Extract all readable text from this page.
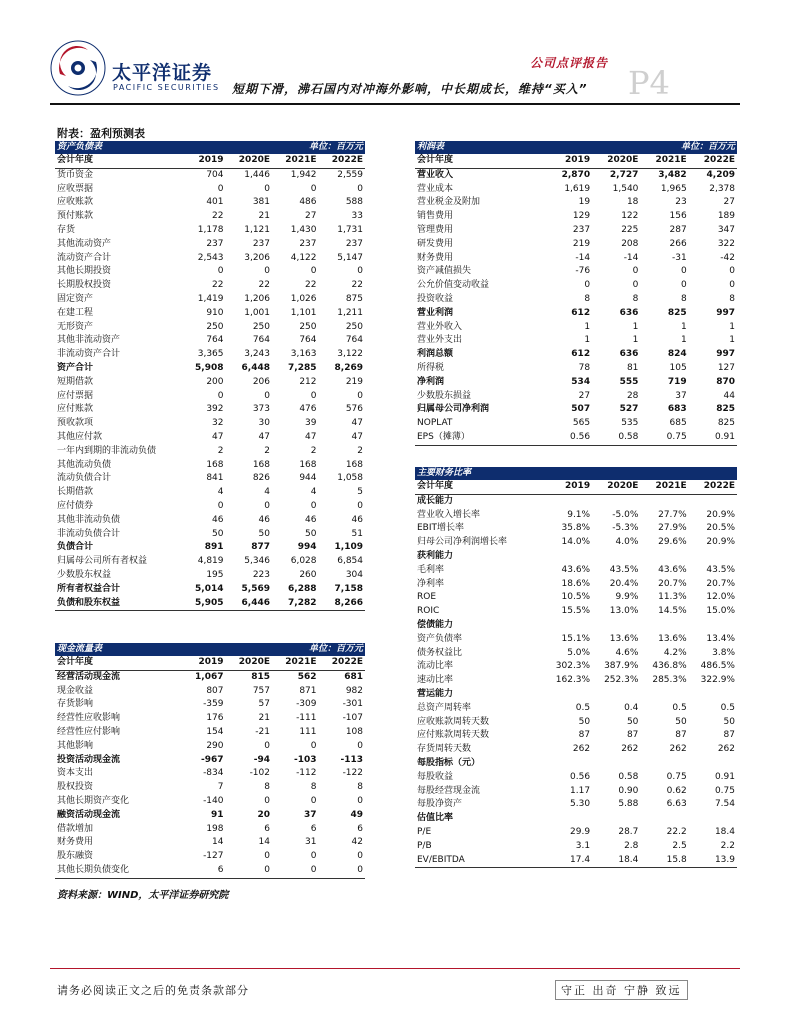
太平洋证券
PACIFIC SECURITIES
公司点评报告
P4
短期下滑，沸石国内对冲海外影响，中长期成长，维持“买入”
附表：盈利预测表
资产负债表			单位：百万元	
会计年度	2019	2020E	2021E	2022E
货币资金	704	1,446	1,942	2,559
应收票据	0	0	0	0
应收账款	401	381	486	588
预付账款	22	21	27	33
存货	1,178	1,121	1,430	1,731
其他流动资产	237	237	237	237
流动资产合计	2,543	3,206	4,122	5,147
其他长期投资	0	0	0	0
长期股权投资	22	22	22	22
固定资产	1,419	1,206	1,026	875
在建工程	910	1,001	1,101	1,211
无形资产	250	250	250	250
其他非流动资产	764	764	764	764
非流动资产合计	3,365	3,243	3,163	3,122
资产合计	5,908	6,448	7,285	8,269
短期借款	200	206	212	219
应付票据	0	0	0	0
应付账款	392	373	476	576
预收款项	32	30	39	47
其他应付款	47	47	47	47
一年内到期的非流动负债	2	2	2	2
其他流动负债	168	168	168	168
流动负债合计	841	826	944	1,058
长期借款	4	4	4	5
应付债券	0	0	0	0
其他非流动负债	46	46	46	46
非流动负债合计	50	50	50	51
负债合计	891	877	994	1,109
归属母公司所有者权益	4,819	5,346	6,028	6,854
少数股东权益	195	223	260	304
所有者权益合计	5,014	5,569	6,288	7,158
负债和股东权益	5,905	6,446	7,282	8,266
现金流量表			单位：百万元	
会计年度	2019	2020E	2021E	2022E
经营活动现金流	1,067	815	562	681
现金收益	807	757	871	982
存货影响	-359	57	-309	-301
经营性应收影响	176	21	-111	-107
经营性应付影响	154	-21	111	108
其他影响	290	0	0	0
投资活动现金流	-967	-94	-103	-113
资本支出	-834	-102	-112	-122
股权投资	7	8	8	8
其他长期资产变化	-140	0	0	0
融资活动现金流	91	20	37	49
借款增加	198	6	6	6
财务费用	14	14	31	42
股东融资	-127	0	0	0
其他长期负债变化	6	0	0	0
利润表			单位：百万元	
会计年度	2019	2020E	2021E	2022E
营业收入	2,870	2,727	3,482	4,209
营业成本	1,619	1,540	1,965	2,378
营业税金及附加	19	18	23	27
销售费用	129	122	156	189
管理费用	237	225	287	347
研发费用	219	208	266	322
财务费用	-14	-14	-31	-42
资产减值损失	-76	0	0	0
公允价值变动收益	0	0	0	0
投资收益	8	8	8	8
营业利润	612	636	825	997
营业外收入	1	1	1	1
营业外支出	1	1	1	1
利润总额	612	636	824	997
所得税	78	81	105	127
净利润	534	555	719	870
少数股东损益	27	28	37	44
归属母公司净利润	507	527	683	825
NOPLAT	565	535	685	825
EPS（摊薄）	0.56	0.58	0.75	0.91
主要财务比率				
会计年度	2019	2020E	2021E	2022E
成长能力				
营业收入增长率	9.1%	-5.0%	27.7%	20.9%
EBIT增长率	35.8%	-5.3%	27.9%	20.5%
归母公司净利润增长率	14.0%	4.0%	29.6%	20.9%
获利能力				
毛利率	43.6%	43.5%	43.6%	43.5%
净利率	18.6%	20.4%	20.7%	20.7%
ROE	10.5%	9.9%	11.3%	12.0%
ROIC	15.5%	13.0%	14.5%	15.0%
偿债能力				
资产负债率	15.1%	13.6%	13.6%	13.4%
债务权益比	5.0%	4.6%	4.2%	3.8%
流动比率	302.3%	387.9%	436.8%	486.5%
速动比率	162.3%	252.3%	285.3%	322.9%
营运能力				
总资产周转率	0.5	0.4	0.5	0.5
应收账款周转天数	50	50	50	50
应付账款周转天数	87	87	87	87
存货周转天数	262	262	262	262
每股指标（元）				
每股收益	0.56	0.58	0.75	0.91
每股经营现金流	1.17	0.90	0.62	0.75
每股净资产	5.30	5.88	6.63	7.54
估值比率				
P/E	29.9	28.7	22.2	18.4
P/B	3.1	2.8	2.5	2.2
EV/EBITDA	17.4	18.4	15.8	13.9
资料来源：WIND，太平洋证券研究院
请务必阅读正文之后的免责条款部分	守正 出奇 宁静 致远
